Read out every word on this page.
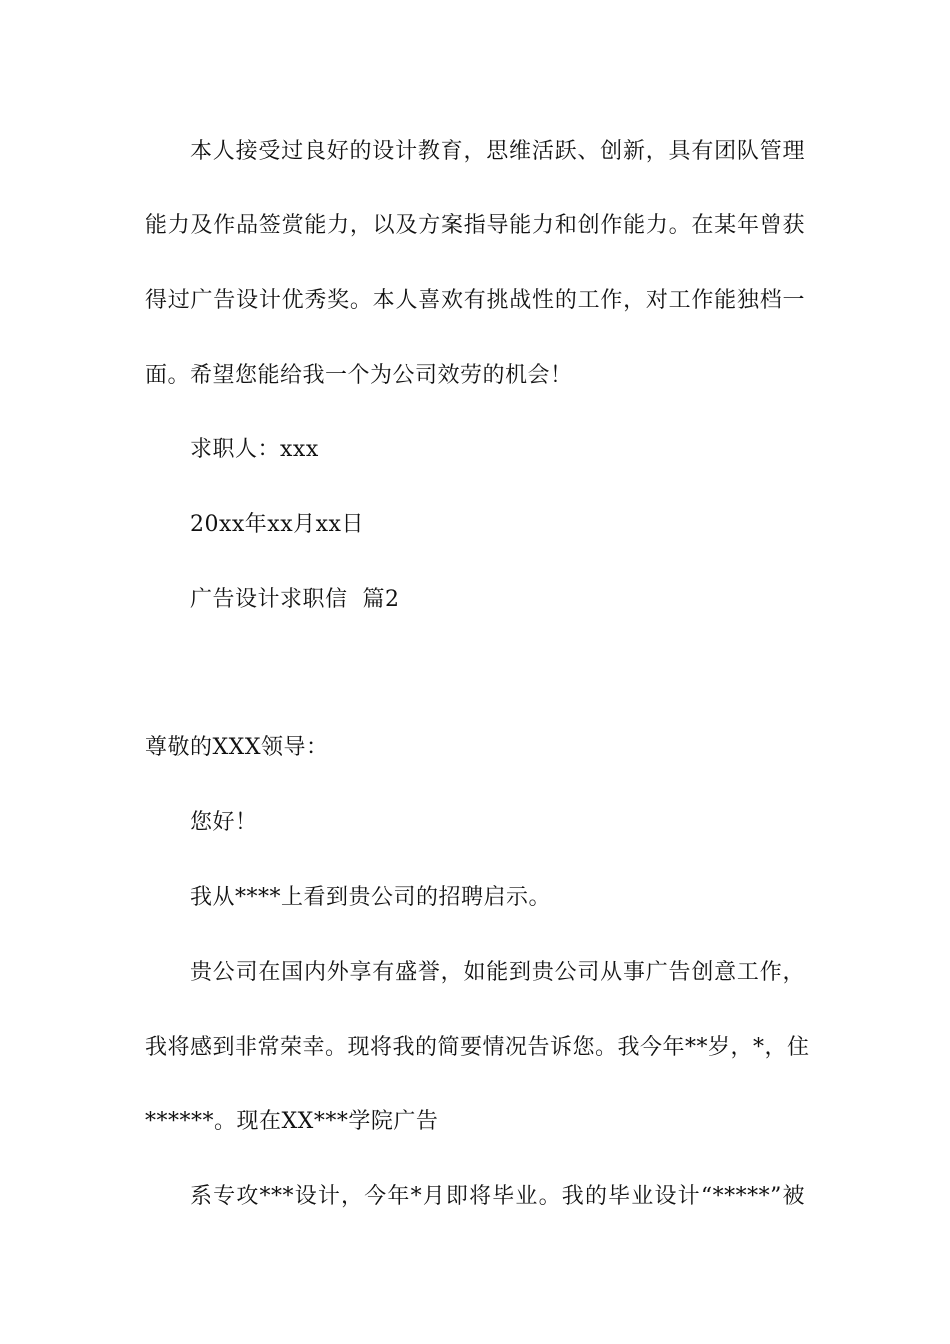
本人接受过良好的设计教育，思维活跃、创新，具有团队管理
能力及作品签赏能力，以及方案指导能力和创作能力。在某年曾获
得过广告设计优秀奖。本人喜欢有挑战性的工作，对工作能独档一
面。希望您能给我一个为公司效劳的机会！
求职人：xxx
20xx年xx月xx日
广告设计求职信  篇2
尊敬的XXX领导：
您好！
我从****上看到贵公司的招聘启示。
贵公司在国内外享有盛誉，如能到贵公司从事广告创意工作，
我将感到非常荣幸。现将我的简要情况告诉您。我今年**岁，*，住
******。现在XX***学院广告
系专攻***设计，今年*月即将毕业。我的毕业设计“*****”被
